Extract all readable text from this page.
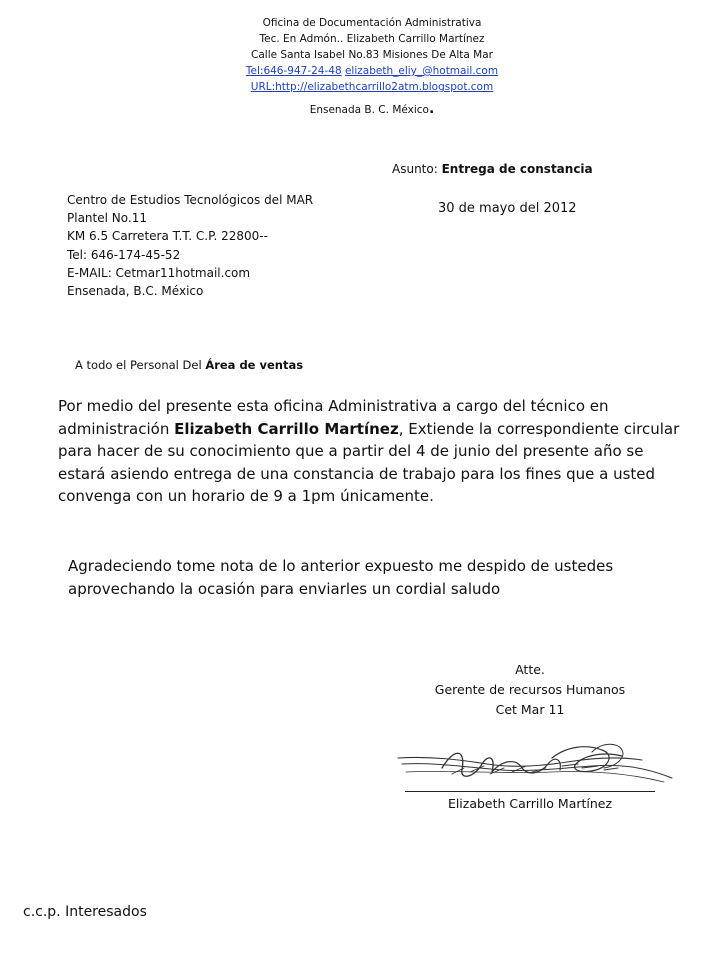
Oficina de Documentación Administrativa
Tec. En Admón.. Elizabeth Carrillo Martínez
Calle Santa Isabel No.83 Misiones De Alta Mar
Tel:646-947-24-48 elizabeth_eliy_@hotmail.com
URL:http://elizabethcarrillo2atm.blogspot.com
Ensenada B. C. México.
Asunto: Entrega de constancia
30 de mayo del 2012
Centro de Estudios Tecnológicos del MAR
Plantel No.11
KM 6.5 Carretera T.T. C.P. 22800--
Tel: 646-174-45-52
E-MAIL: Cetmar11hotmail.com
Ensenada, B.C. México
A todo el Personal Del Área de ventas
Por medio del presente esta oficina Administrativa a cargo del técnico en
administración Elizabeth Carrillo Martínez, Extiende la correspondiente circular
para hacer de su conocimiento que a partir del 4 de junio del presente año se
estará asiendo entrega de una constancia de trabajo para los fines que a usted
convenga con un horario de 9 a 1pm únicamente.
Agradeciendo tome nota de lo anterior expuesto me despido de ustedes
aprovechando la ocasión para enviarles un cordial saludo
Atte.
Gerente de recursos Humanos
Cet Mar 11
Elizabeth Carrillo Martínez
c.c.p. Interesados
